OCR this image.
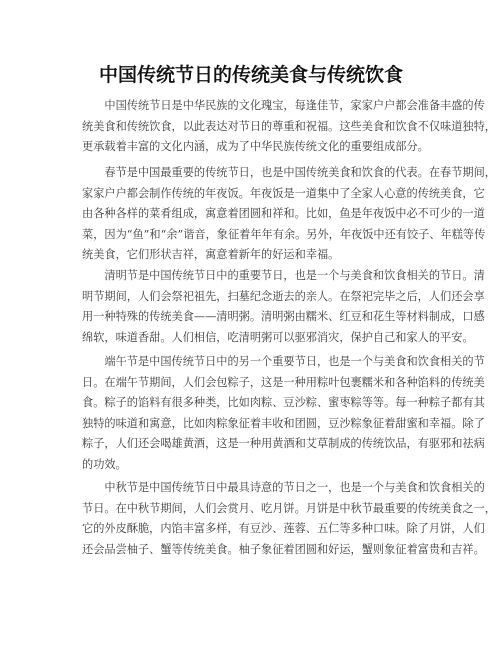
中国传统节日的传统美食与传统饮食
　　中国传统节日是中华民族的文化瑰宝，每逢佳节，家家户户都会准备丰盛的传
统美食和传统饮食，以此表达对节日的尊重和祝福。这些美食和饮食不仅味道独特，
更承载着丰富的文化内涵，成为了中华民族传统文化的重要组成部分。
　　春节是中国最重要的传统节日，也是中国传统美食和饮食的代表。在春节期间，
家家户户都会制作传统的年夜饭。年夜饭是一道集中了全家人心意的传统美食，它
由各种各样的菜肴组成，寓意着团圆和祥和。比如，鱼是年夜饭中必不可少的一道
菜，因为“鱼”和“余”谐音，象征着年年有余。另外，年夜饭中还有饺子、年糕等传
统美食，它们形状吉祥，寓意着新年的好运和幸福。
　　清明节是中国传统节日中的重要节日，也是一个与美食和饮食相关的节日。清
明节期间，人们会祭祀祖先，扫墓纪念逝去的亲人。在祭祀完毕之后，人们还会享
用一种特殊的传统美食——清明粥。清明粥由糯米、红豆和花生等材料制成，口感
绵软，味道香甜。人们相信，吃清明粥可以驱邪消灾，保护自己和家人的平安。
　　端午节是中国传统节日中的另一个重要节日，也是一个与美食和饮食相关的节
日。在端午节期间，人们会包粽子，这是一种用粽叶包裹糯米和各种馅料的传统美
食。粽子的馅料有很多种类，比如肉粽、豆沙粽、蜜枣粽等等。每一种粽子都有其
独特的味道和寓意，比如肉粽象征着丰收和团圆，豆沙粽象征着甜蜜和幸福。除了
粽子，人们还会喝雄黄酒，这是一种用黄酒和艾草制成的传统饮品，有驱邪和祛病
的功效。
　　中秋节是中国传统节日中最具诗意的节日之一，也是一个与美食和饮食相关的
节日。在中秋节期间，人们会赏月、吃月饼。月饼是中秋节最重要的传统美食之一，
它的外皮酥脆，内馅丰富多样，有豆沙、莲蓉、五仁等多种口味。除了月饼，人们
还会品尝柚子、蟹等传统美食。柚子象征着团圆和好运，蟹则象征着富贵和吉祥。
